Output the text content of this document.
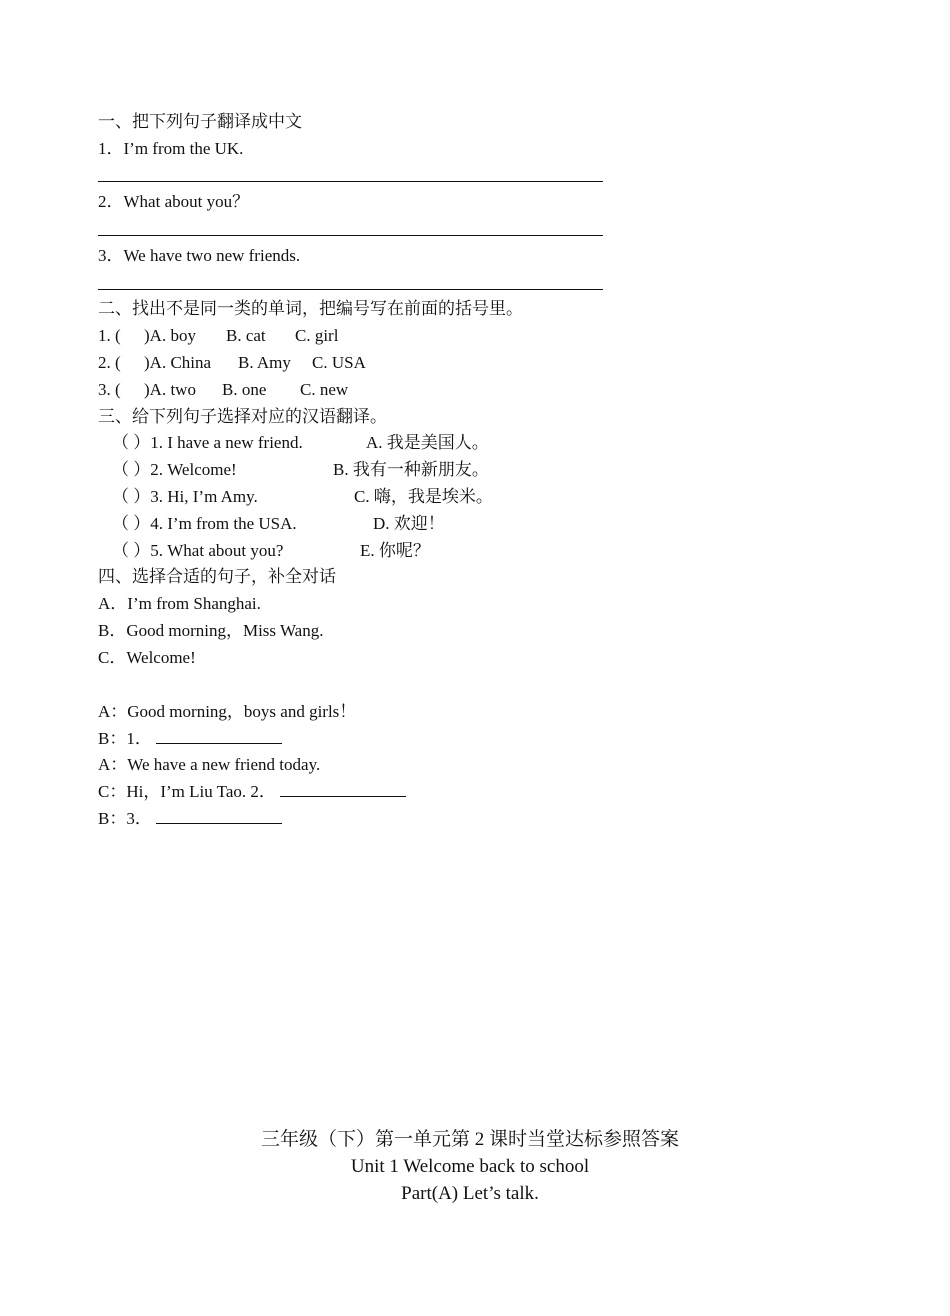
一、把下列句子翻译成中文
1．I’m from the UK.
2．What about you？
3．We have two new friends.
二、找出不是同一类的单词，把编号写在前面的括号里。
1. ( )A. boy B. cat C. girl
2. ( )A. China B. Amy C. USA
3. ( )A. two B. one C. new
三、给下列句子选择对应的汉语翻译。
（ ）1. I have a new friend.	A. 我是美国人。
（ ）2. Welcome!	B. 我有一种新朋友。
（ ）3. Hi, I’m Amy.	C. 嗨，我是埃米。
（ ）4. I’m from the USA.	D. 欢迎！
（ ）5. What about you?	E. 你呢？
四、选择合适的句子，补全对话
A．I’m from Shanghai.
B．Good morning，Miss Wang.
C．Welcome!
A：Good morning，boys and girls！
B：1．
A：We have a new friend today.
C：Hi，I’m Liu Tao. 2．
B：3．
三年级（下）第一单元第 2 课时当堂达标参照答案
Unit 1 Welcome back to school
Part(A) Let’s talk.
